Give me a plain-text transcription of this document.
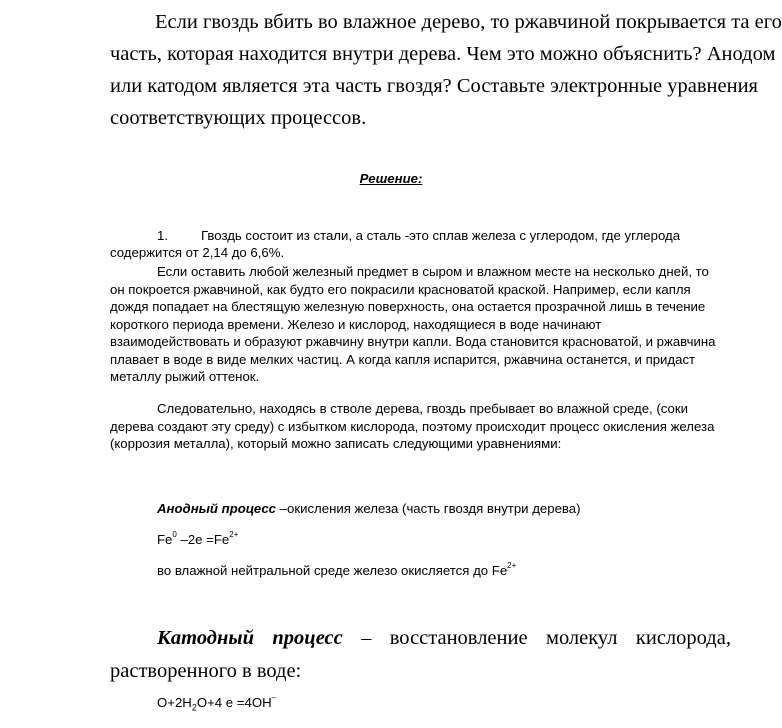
Если гвоздь вбить во влажное дерево, то ржавчиной покрывается та его
часть, которая находится внутри дерева. Чем это можно объяснить? Анодом
или катодом является эта часть гвоздя? Составьте электронные уравнения
соответствующих процессов.
Решение:
1.	Гвоздь состоит из стали, а сталь -это сплав железа с углеродом, где углерода
содержится от 2,14 до 6,6%.
Если оставить любой железный предмет в сыром и влажном месте на несколько дней, то
он покроется ржавчиной, как будто его покрасили красноватой краской. Например, если капля
дождя попадает на блестящую железную поверхность, она остается прозрачной лишь в течение
короткого периода времени. Железо и кислород, находящиеся в воде начинают
взаимодействовать и образуют ржавчину внутри капли. Вода становится красноватой, и ржавчина
плавает в воде в виде мелких частиц. А когда капля испарится, ржавчина останется, и придаст
металлу рыжий оттенок.
Следовательно, находясь в стволе дерева, гвоздь пребывает во влажной среде, (соки
дерева создают эту среду) с избытком кислорода, поэтому происходит процесс окисления железа
(коррозия металла), который можно записать следующими уравнениями:
Анодный процесс –окисления железа (часть гвоздя внутри дерева)
Fe$^0$ $-2e =Fe^{2+}$
во влажной нейтральной среде железо окисляется до $Fe^{2+}$
Катодный процесс – восстановление молекул кислорода,
растворенного в воде:
$O+2H_2O+4$ е =4OH–
